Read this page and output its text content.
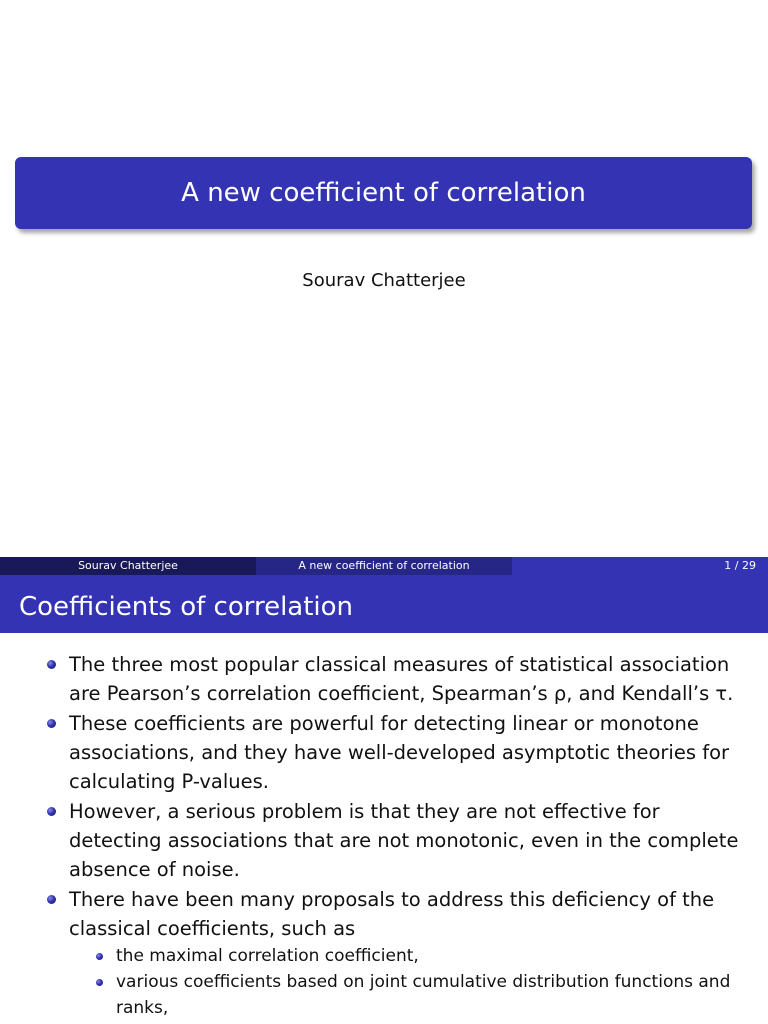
A new coefficient of correlation
Sourav Chatterjee
Sourav Chatterjee	A new coefficient of correlation	1 / 29
Coefficients of correlation
The three most popular classical measures of statistical association are Pearson’s correlation coefficient, Spearman’s ρ, and Kendall’s τ.
These coefficients are powerful for detecting linear or monotone associations, and they have well-developed asymptotic theories for calculating P-values.
However, a serious problem is that they are not effective for detecting associations that are not monotonic, even in the complete absence of noise.
There have been many proposals to address this deficiency of the classical coefficients, such as
the maximal correlation coefficient,
various coefficients based on joint cumulative distribution functions and ranks,
